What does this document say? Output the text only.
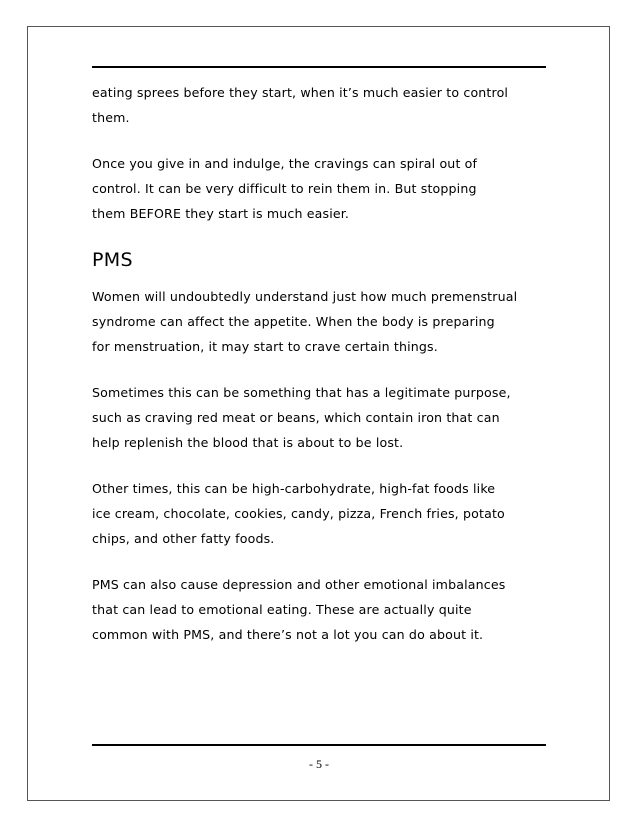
eating sprees before they start, when it’s much easier to control
them.

Once you give in and indulge, the cravings can spiral out of
control. It can be very difficult to rein them in. But stopping
them BEFORE they start is much easier.

PMS

Women will undoubtedly understand just how much premenstrual
syndrome can affect the appetite. When the body is preparing
for menstruation, it may start to crave certain things.

Sometimes this can be something that has a legitimate purpose,
such as craving red meat or beans, which contain iron that can
help replenish the blood that is about to be lost.

Other times, this can be high-carbohydrate, high-fat foods like
ice cream, chocolate, cookies, candy, pizza, French fries, potato
chips, and other fatty foods.

PMS can also cause depression and other emotional imbalances
that can lead to emotional eating. These are actually quite
common with PMS, and there’s not a lot you can do about it.

- 5 -
